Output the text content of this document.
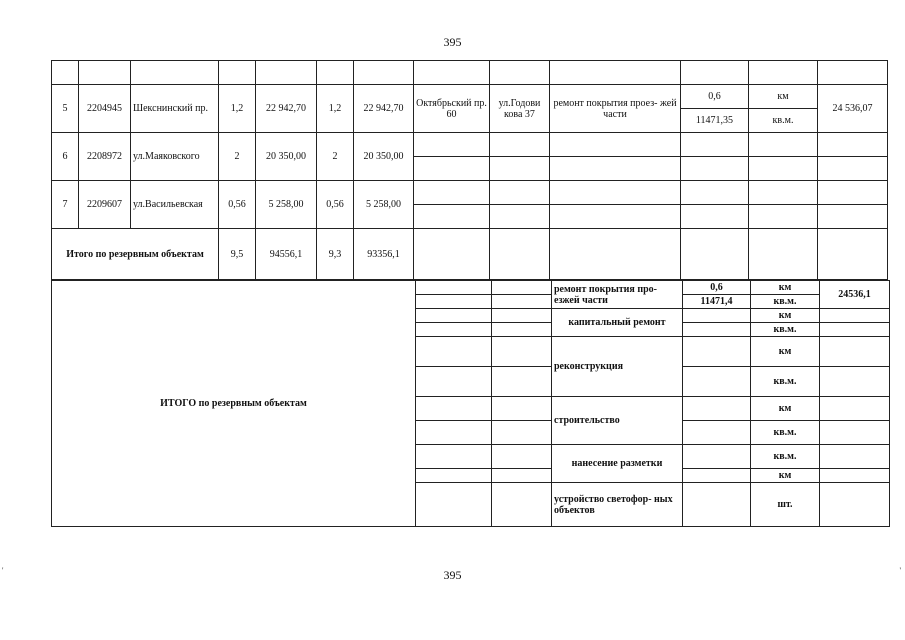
395

5	2204945	Шекснинский пр.	1,2	22 942,70	1,2	22 942,70	Октябрьский пр. 60	ул.Годови кова 37	ремонт покрытия проез- жей части	0,6	км	24 536,07
										11471,35	кв.м.	
6	2208972	ул.Маяковского	2	20 350,00	2	20 350,00						

7	2209607	ул.Васильевская	0,56	5 258,00	0,56	5 258,00						

Итого по резервным объектам			9,5	94556,1	9,3	93356,1						
ИТОГО по резервным объектам			ремонт покрытия про- езжей части	0,6	км	24536,1
				11471,4	кв.м.	
			капитальный ремонт		км	
					кв.м.	
			реконструкция		км	
					кв.м.	
			строительство		км	
					кв.м.	
			нанесение разметки		кв.м.	
					км	
			устройство светофор- ных объектов		шт.	
395
'	'
